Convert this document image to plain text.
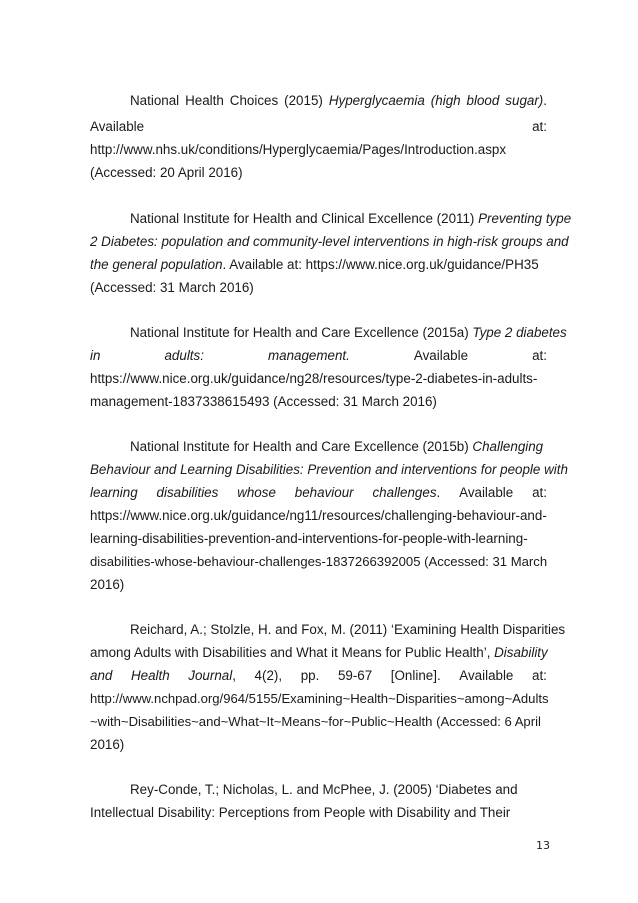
National Health Choices (2015) Hyperglycaemia (high blood sugar).
Available	at:
http://www.nhs.uk/conditions/Hyperglycaemia/Pages/Introduction.aspx
(Accessed: 20 April 2016)
National Institute for Health and Clinical Excellence (2011) Preventing type
2 Diabetes: population and community-level interventions in high-risk groups and
the general population. Available at: https://www.nice.org.uk/guidance/PH35
(Accessed: 31 March 2016)
National Institute for Health and Care Excellence (2015a) Type 2 diabetes
in	adults:	management.	Available	at:
https://www.nice.org.uk/guidance/ng28/resources/type-2-diabetes-in-adults-
management-1837338615493 (Accessed: 31 March 2016)
National Institute for Health and Care Excellence (2015b) Challenging
Behaviour and Learning Disabilities: Prevention and interventions for people with
learning disabilities whose behaviour challenges. Available at:
https://www.nice.org.uk/guidance/ng11/resources/challenging-behaviour-and-
learning-disabilities-prevention-and-interventions-for-people-with-learning-
disabilities-whose-behaviour-challenges-1837266392005 (Accessed: 31 March
2016)
Reichard, A.; Stolzle, H. and Fox, M. (2011) ‘Examining Health Disparities
among Adults with Disabilities and What it Means for Public Health’, Disability
and Health Journal, 4(2), pp. 59-67 [Online]. Available at:
http://www.nchpad.org/964/5155/Examining~Health~Disparities~among~Adults
~with~Disabilities~and~What~It~Means~for~Public~Health (Accessed: 6 April
2016)
Rey-Conde, T.; Nicholas, L. and McPhee, J. (2005) ‘Diabetes and
Intellectual Disability: Perceptions from People with Disability and Their
13
